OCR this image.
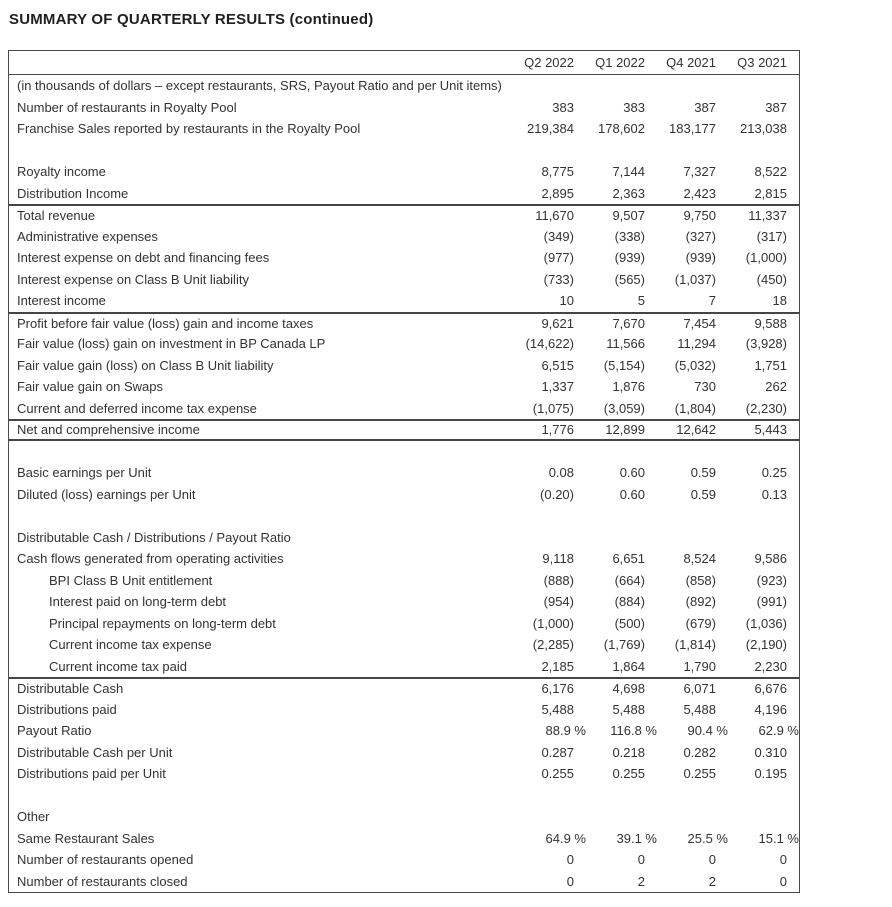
SUMMARY OF QUARTERLY RESULTS (continued)
Q2 2022	Q1 2022	Q4 2021	Q3 2021
(in thousands of dollars – except restaurants, SRS, Payout Ratio and per Unit items)
Number of restaurants in Royalty Pool	383	383	387	387
Franchise Sales reported by restaurants in the Royalty Pool	219,384	178,602	183,177	213,038
Royalty income	8,775	7,144	7,327	8,522
Distribution Income	2,895	2,363	2,423	2,815
Total revenue	11,670	9,507	9,750	11,337
Administrative expenses	(349)	(338)	(327)	(317)
Interest expense on debt and financing fees	(977)	(939)	(939)	(1,000)
Interest expense on Class B Unit liability	(733)	(565)	(1,037)	(450)
Interest income	10	5	7	18
Profit before fair value (loss) gain and income taxes	9,621	7,670	7,454	9,588
Fair value (loss) gain on investment in BP Canada LP	(14,622)	11,566	11,294	(3,928)
Fair value gain (loss) on Class B Unit liability	6,515	(5,154)	(5,032)	1,751
Fair value gain on Swaps	1,337	1,876	730	262
Current and deferred income tax expense	(1,075)	(3,059)	(1,804)	(2,230)
Net and comprehensive income	1,776	12,899	12,642	5,443
Basic earnings per Unit	0.08	0.60	0.59	0.25
Diluted (loss) earnings per Unit	(0.20)	0.60	0.59	0.13
Distributable Cash / Distributions / Payout Ratio
Cash flows generated from operating activities	9,118	6,651	8,524	9,586
BPI Class B Unit entitlement	(888)	(664)	(858)	(923)
Interest paid on long-term debt	(954)	(884)	(892)	(991)
Principal repayments on long-term debt	(1,000)	(500)	(679)	(1,036)
Current income tax expense	(2,285)	(1,769)	(1,814)	(2,190)
Current income tax paid	2,185	1,864	1,790	2,230
Distributable Cash	6,176	4,698	6,071	6,676
Distributions paid	5,488	5,488	5,488	4,196
Payout Ratio	88.9 %	116.8 %	90.4 %	62.9 %
Distributable Cash per Unit	0.287	0.218	0.282	0.310
Distributions paid per Unit	0.255	0.255	0.255	0.195
Other
Same Restaurant Sales	64.9 %	39.1 %	25.5 %	15.1 %
Number of restaurants opened	0	0	0	0
Number of restaurants closed	0	2	2	0
